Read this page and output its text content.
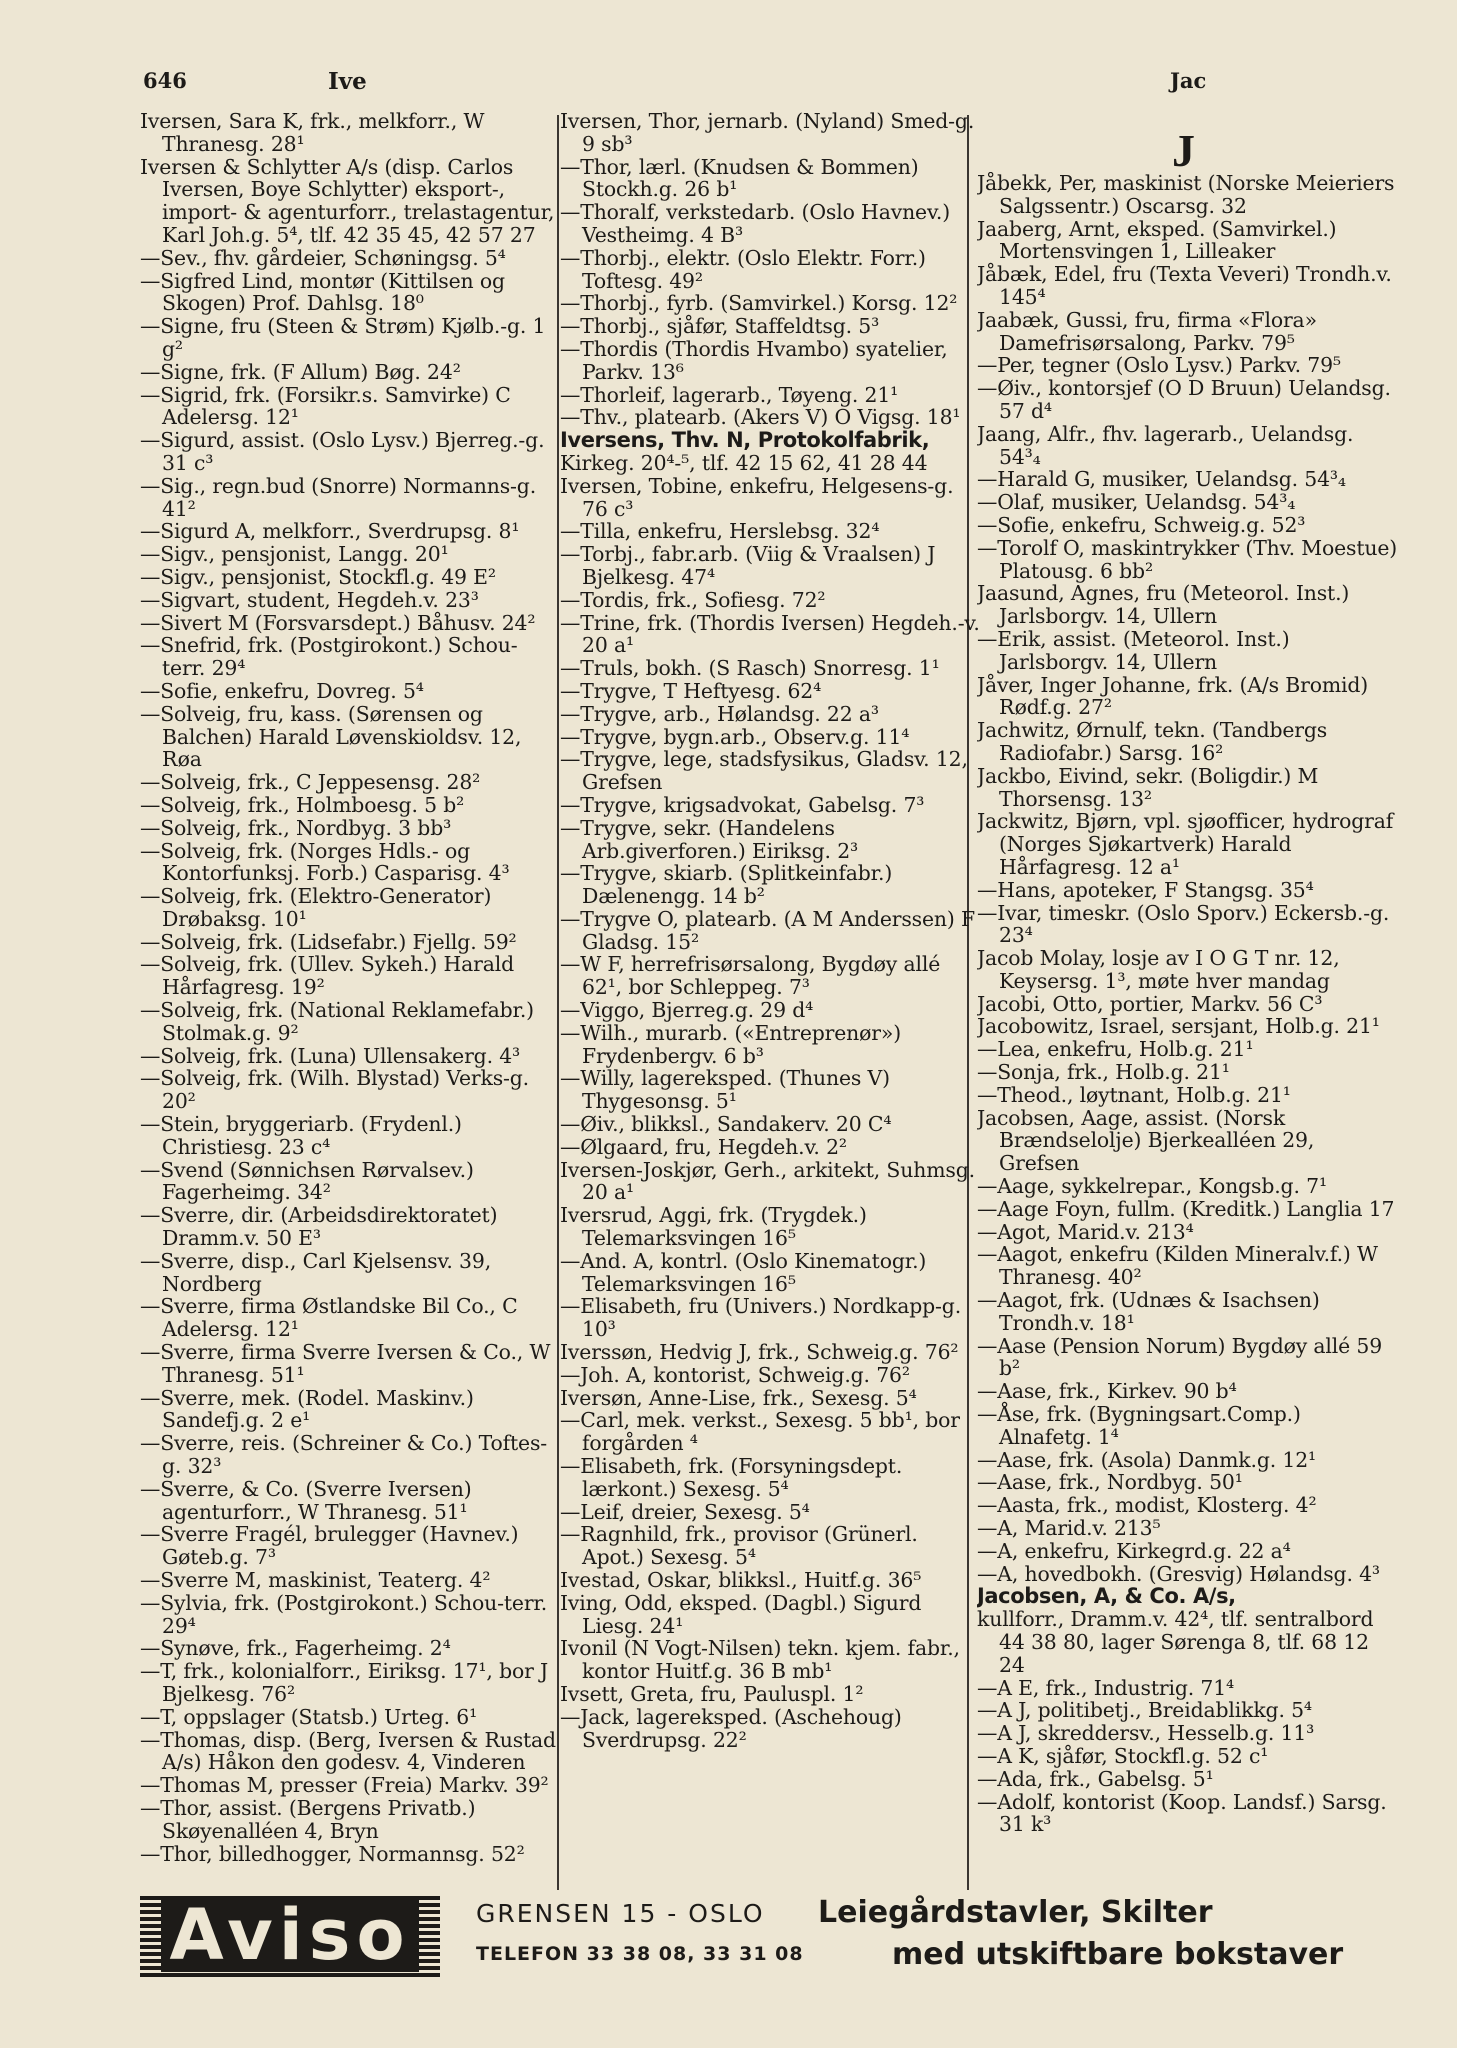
646	Ive	Jac
J

Iversen, Sara K, frk., melkforr., W Thranesg. 28¹

Iversen & Schlytter A/s (disp. Carlos Iversen, Boye Schlytter) eksport-, import- & agenturforr., trelastagentur, Karl Joh.g. 5⁴, tlf. 42 35 45, 42 57 27

—Sev., fhv. gårdeier, Schøningsg. 5⁴

—Sigfred Lind, montør (Kittilsen og Skogen) Prof. Dahlsg. 18⁰

—Signe, fru (Steen & Strøm) Kjølb.-g. 1 g²

—Signe, frk. (F Allum) Bøg. 24²

—Sigrid, frk. (Forsikr.s. Samvirke) C Adelersg. 12¹

—Sigurd, assist. (Oslo Lysv.) Bjerreg.-g. 31 c³

—Sig., regn.bud (Snorre) Normanns-g. 41²

—Sigurd A, melkforr., Sverdrupsg. 8¹

—Sigv., pensjonist, Langg. 20¹

—Sigv., pensjonist, Stockfl.g. 49 E²

—Sigvart, student, Hegdeh.v. 23³

—Sivert M (Forsvarsdept.) Båhusv. 24²

—Snefrid, frk. (Postgirokont.) Schou-terr. 29⁴

—Sofie, enkefru, Dovreg. 5⁴

—Solveig, fru, kass. (Sørensen og Balchen) Harald Løvenskioldsv. 12, Røa

—Solveig, frk., C Jeppesensg. 28²

—Solveig, frk., Holmboesg. 5 b²

—Solveig, frk., Nordbyg. 3 bb³

—Solveig, frk. (Norges Hdls.- og Kontorfunksj. Forb.) Casparisg. 4³

—Solveig, frk. (Elektro-Generator) Drøbaksg. 10¹

—Solveig, frk. (Lidsefabr.) Fjellg. 59²

—Solveig, frk. (Ullev. Sykeh.) Harald Hårfagresg. 19²

—Solveig, frk. (National Reklamefabr.) Stolmak.g. 9²

—Solveig, frk. (Luna) Ullensakerg. 4³

—Solveig, frk. (Wilh. Blystad) Verks-g. 20²

—Stein, bryggeriarb. (Frydenl.) Christiesg. 23 c⁴

—Svend (Sønnichsen Rørvalsev.) Fagerheimg. 34²

—Sverre, dir. (Arbeidsdirektoratet) Dramm.v. 50 E³

—Sverre, disp., Carl Kjelsensv. 39, Nordberg

—Sverre, firma Østlandske Bil Co., C Adelersg. 12¹

—Sverre, firma Sverre Iversen & Co., W Thranesg. 51¹

—Sverre, mek. (Rodel. Maskinv.) Sandefj.g. 2 e¹

—Sverre, reis. (Schreiner & Co.) Toftes-g. 32³

—Sverre, & Co. (Sverre Iversen) agenturforr., W Thranesg. 51¹

—Sverre Fragél, brulegger (Havnev.) Gøteb.g. 7³

—Sverre M, maskinist, Teaterg. 4²

—Sylvia, frk. (Postgirokont.) Schou-terr. 29⁴

—Synøve, frk., Fagerheimg. 2⁴

—T, frk., kolonialforr., Eiriksg. 17¹, bor J Bjelkesg. 76²

—T, oppslager (Statsb.) Urteg. 6¹

—Thomas, disp. (Berg, Iversen & Rustad A/s) Håkon den godesv. 4, Vinderen

—Thomas M, presser (Freia) Markv. 39²

—Thor, assist. (Bergens Privatb.) Skøyenalléen 4, Bryn

—Thor, billedhogger, Normannsg. 52²

Iversen, Thor, jernarb. (Nyland) Smed-g. 9 sb³

—Thor, lærl. (Knudsen & Bommen) Stockh.g. 26 b¹

—Thoralf, verkstedarb. (Oslo Havnev.) Vestheimg. 4 B³

—Thorbj., elektr. (Oslo Elektr. Forr.) Toftesg. 49²

—Thorbj., fyrb. (Samvirkel.) Korsg. 12²

—Thorbj., sjåfør, Staffeldtsg. 5³

—Thordis (Thordis Hvambo) syatelier, Parkv. 13⁶

—Thorleif, lagerarb., Tøyeng. 21¹

—Thv., platearb. (Akers V) O Vigsg. 18¹

Iversens, Thv. N, Protokolfabrik,

Kirkeg. 20⁴-⁵, tlf. 42 15 62, 41 28 44

Iversen, Tobine, enkefru, Helgesens-g. 76 c³

—Tilla, enkefru, Herslebsg. 32⁴

—Torbj., fabr.arb. (Viig & Vraalsen) J Bjelkesg. 47⁴

—Tordis, frk., Sofiesg. 72²

—Trine, frk. (Thordis Iversen) Hegdeh.-v. 20 a¹

—Truls, bokh. (S Rasch) Snorresg. 1¹

—Trygve, T Heftyesg. 62⁴

—Trygve, arb., Hølandsg. 22 a³

—Trygve, bygn.arb., Observ.g. 11⁴

—Trygve, lege, stadsfysikus, Gladsv. 12, Grefsen

—Trygve, krigsadvokat, Gabelsg. 7³

—Trygve, sekr. (Handelens Arb.giverforen.) Eiriksg. 2³

—Trygve, skiarb. (Splitkeinfabr.) Dælenengg. 14 b²

—Trygve O, platearb. (A M Anderssen) F Gladsg. 15²

—W F, herrefrisørsalong, Bygdøy allé 62¹, bor Schleppeg. 7³

—Viggo, Bjerreg.g. 29 d⁴

—Wilh., murarb. («Entreprenør») Frydenbergv. 6 b³

—Willy, lagereksped. (Thunes V) Thygesonsg. 5¹

—Øiv., blikksl., Sandakerv. 20 C⁴

—Ølgaard, fru, Hegdeh.v. 2²

Iversen-Joskjør, Gerh., arkitekt, Suhmsg. 20 a¹

Iversrud, Aggi, frk. (Trygdek.) Telemarksvingen 16⁵

—And. A, kontrl. (Oslo Kinematogr.) Telemarksvingen 16⁵

—Elisabeth, fru (Univers.) Nordkapp-g. 10³

Iverssøn, Hedvig J, frk., Schweig.g. 76²

—Joh. A, kontorist, Schweig.g. 76²

Iversøn, Anne-Lise, frk., Sexesg. 5⁴

—Carl, mek. verkst., Sexesg. 5 bb¹, bor forgården ⁴

—Elisabeth, frk. (Forsyningsdept. lærkont.) Sexesg. 5⁴

—Leif, dreier, Sexesg. 5⁴

—Ragnhild, frk., provisor (Grünerl. Apot.) Sexesg. 5⁴

Ivestad, Oskar, blikksl., Huitf.g. 36⁵

Iving, Odd, eksped. (Dagbl.) Sigurd Liesg. 24¹

Ivonil (N Vogt-Nilsen) tekn. kjem. fabr., kontor Huitf.g. 36 B mb¹

Ivsett, Greta, fru, Pauluspl. 1²

—Jack, lagereksped. (Aschehoug) Sverdrupsg. 22²

Jåbekk, Per, maskinist (Norske Meieriers Salgssentr.) Oscarsg. 32

Jaaberg, Arnt, eksped. (Samvirkel.) Mortensvingen 1, Lilleaker

Jåbæk, Edel, fru (Texta Veveri) Trondh.v. 145⁴

Jaabæk, Gussi, fru, firma «Flora» Damefrisørsalong, Parkv. 79⁵

—Per, tegner (Oslo Lysv.) Parkv. 79⁵

—Øiv., kontorsjef (O D Bruun) Uelandsg. 57 d⁴

Jaang, Alfr., fhv. lagerarb., Uelandsg. 54³₄

—Harald G, musiker, Uelandsg. 54³₄

—Olaf, musiker, Uelandsg. 54³₄

—Sofie, enkefru, Schweig.g. 52³

—Torolf O, maskintrykker (Thv. Moestue) Platousg. 6 bb²

Jaasund, Agnes, fru (Meteorol. Inst.) Jarlsborgv. 14, Ullern

—Erik, assist. (Meteorol. Inst.) Jarlsborgv. 14, Ullern

Jåver, Inger Johanne, frk. (A/s Bromid) Rødf.g. 27²

Jachwitz, Ørnulf, tekn. (Tandbergs Radiofabr.) Sarsg. 16²

Jackbo, Eivind, sekr. (Boligdir.) M Thorsensg. 13²

Jackwitz, Bjørn, vpl. sjøofficer, hydrograf (Norges Sjøkartverk) Harald Hårfagresg. 12 a¹

—Hans, apoteker, F Stangsg. 35⁴

—Ivar, timeskr. (Oslo Sporv.) Eckersb.-g. 23⁴

Jacob Molay, losje av I O G T nr. 12, Keysersg. 1³, møte hver mandag

Jacobi, Otto, portier, Markv. 56 C³

Jacobowitz, Israel, sersjant, Holb.g. 21¹

—Lea, enkefru, Holb.g. 21¹

—Sonja, frk., Holb.g. 21¹

—Theod., løytnant, Holb.g. 21¹

Jacobsen, Aage, assist. (Norsk Brændselolje) Bjerkealléen 29, Grefsen

—Aage, sykkelrepar., Kongsb.g. 7¹

—Aage Foyn, fullm. (Kreditk.) Langlia 17

—Agot, Marid.v. 213⁴

—Aagot, enkefru (Kilden Mineralv.f.) W Thranesg. 40²

—Aagot, frk. (Udnæs & Isachsen) Trondh.v. 18¹

—Aase (Pension Norum) Bygdøy allé 59 b²

—Aase, frk., Kirkev. 90 b⁴

—Åse, frk. (Bygningsart.Comp.) Alnafetg. 1⁴

—Aase, frk. (Asola) Danmk.g. 12¹

—Aase, frk., Nordbyg. 50¹

—Aasta, frk., modist, Klosterg. 4²

—A, Marid.v. 213⁵

—A, enkefru, Kirkegrd.g. 22 a⁴

—A, hovedbokh. (Gresvig) Hølandsg. 4³

Jacobsen, A, & Co. A/s,

kullforr., Dramm.v. 42⁴, tlf. sentralbord 44 38 80, lager Sørenga 8, tlf. 68 12 24

—A E, frk., Industrig. 71⁴

—A J, politibetj., Breidablikkg. 5⁴

—A J, skreddersv., Hesselb.g. 11³

—A K, sjåfør, Stockfl.g. 52 c¹

—Ada, frk., Gabelsg. 5¹

—Adolf, kontorist (Koop. Landsf.) Sarsg. 31 k³

Aviso	GRENSEN 15 - OSLO
TELEFON 33 38 08, 33 31 08
Leiegårdstavler, Skilter
med utskiftbare bokstaver
